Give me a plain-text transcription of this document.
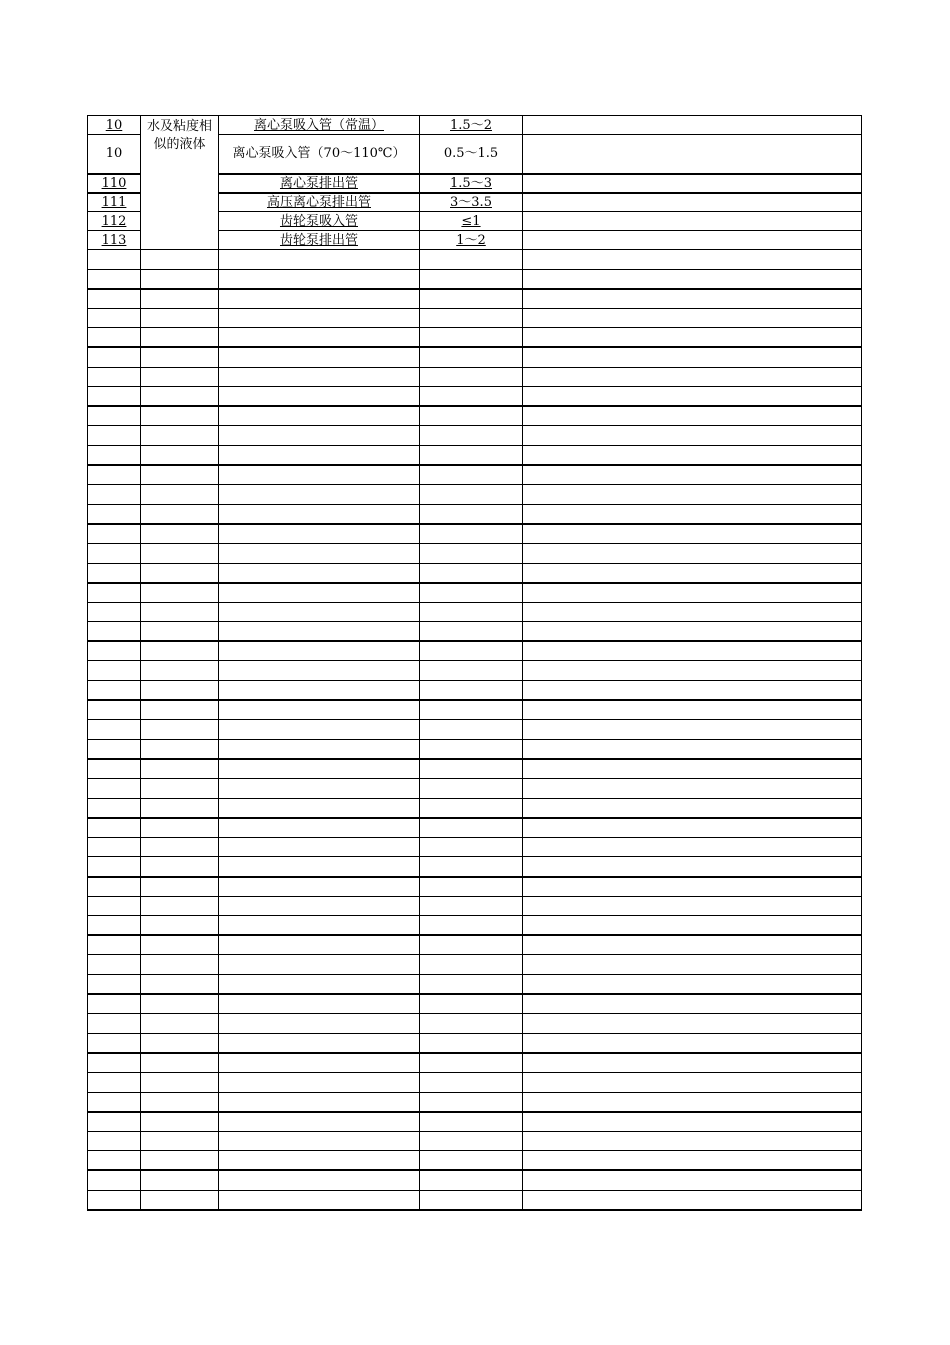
10	水及粘度相似的液体	离心泵吸入管（常温）	1.5～2	
10		离心泵吸入管（70～110℃）	0.5～1.5	
110		离心泵排出管	1.5～3	
111		高压离心泵排出管	3～3.5	
112		齿轮泵吸入管	≤1	
113		齿轮泵排出管	1～2	
